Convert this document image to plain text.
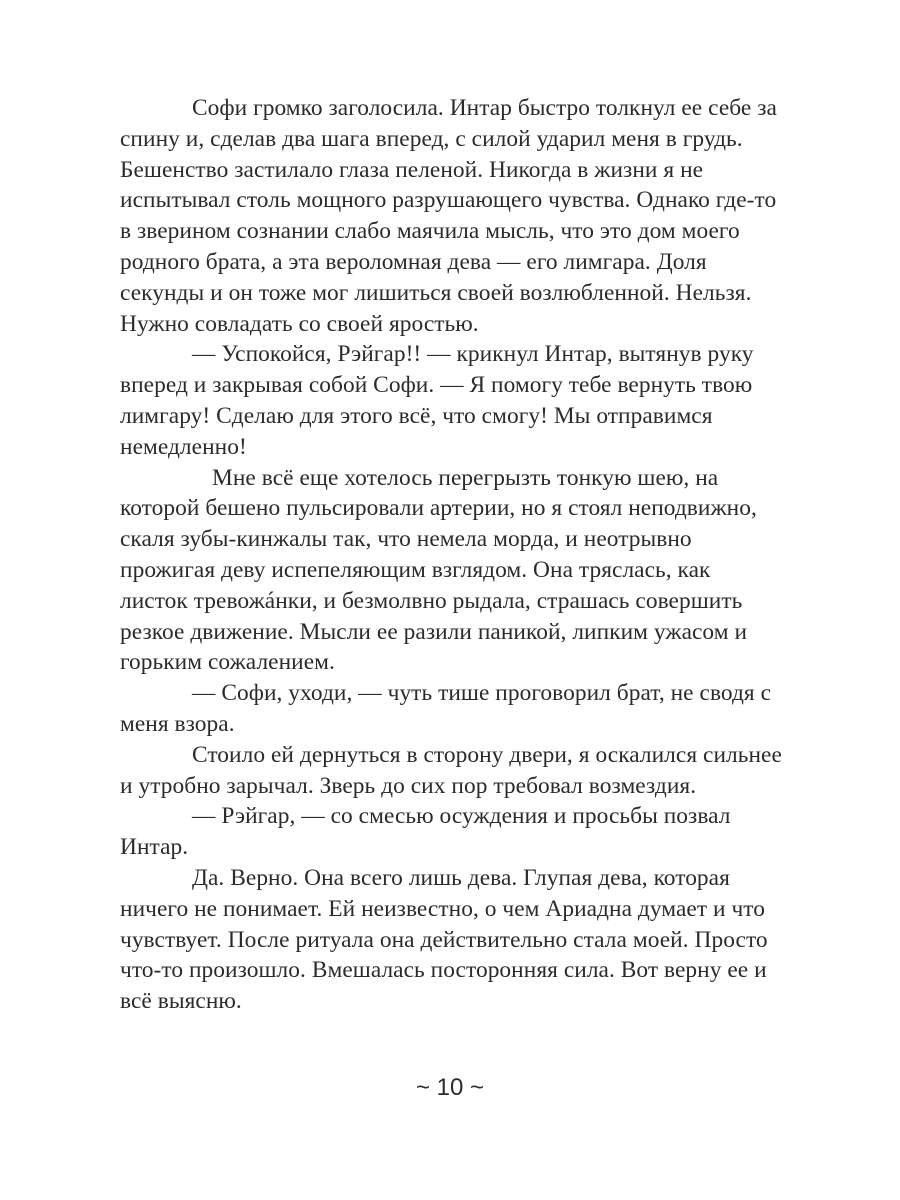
Софи громко заголосила. Интар быстро толкнул ее себе за
спину и, сделав два шага вперед, с силой ударил меня в грудь.
Бешенство застилало глаза пеленой. Никогда в жизни я не
испытывал столь мощного разрушающего чувства. Однако где-то
в зверином сознании слабо маячила мысль, что это дом моего
родного брата, а эта вероломная дева — его лимгара. Доля
секунды и он тоже мог лишиться своей возлюбленной. Нельзя.
Нужно совладать со своей яростью.
— Успокойся, Рэйгар!! — крикнул Интар, вытянув руку
вперед и закрывая собой Софи. — Я помогу тебе вернуть твою
лимгару! Сделаю для этого всё, что смогу! Мы отправимся
немедленно!
Мне всё еще хотелось перегрызть тонкую шею, на
которой бешено пульсировали артерии, но я стоял неподвижно,
скаля зубы-кинжалы так, что немела морда, и неотрывно
прожигая деву испепеляющим взглядом. Она тряслась, как
листок тревожáнки, и безмолвно рыдала, страшась совершить
резкое движение. Мысли ее разили паникой, липким ужасом и
горьким сожалением.
— Софи, уходи, — чуть тише проговорил брат, не сводя с
меня взора.
Стоило ей дернуться в сторону двери, я оскалился сильнее
и утробно зарычал. Зверь до сих пор требовал возмездия.
— Рэйгар, — со смесью осуждения и просьбы позвал
Интар.
Да. Верно. Она всего лишь дева. Глупая дева, которая
ничего не понимает. Ей неизвестно, о чем Ариадна думает и что
чувствует. После ритуала она действительно стала моей. Просто
что-то произошло. Вмешалась посторонняя сила. Вот верну ее и
всё выясню.
~ 10 ~
